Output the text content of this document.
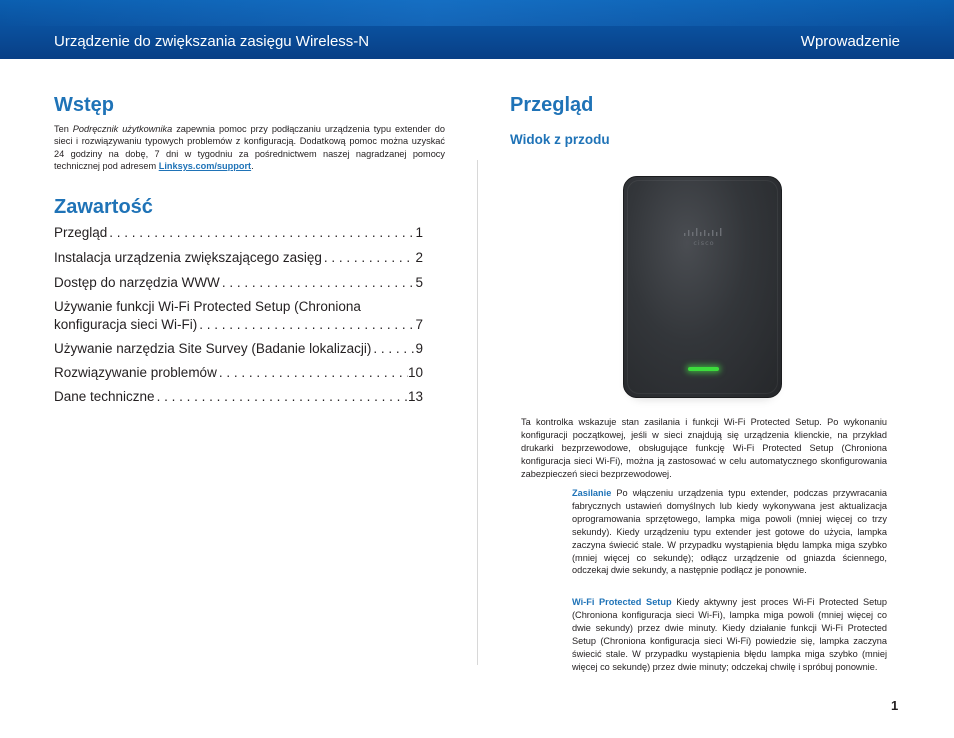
Urządzenie do zwiększania zasięgu Wireless-N	Wprowadzenie
Wstęp
Ten Podręcznik użytkownika zapewnia pomoc przy podłączaniu urządzenia typu extender do sieci i rozwiązywaniu typowych problemów z konfiguracją. Dodatkową pomoc można uzyskać 24 godziny na dobę, 7 dni w tygodniu za pośrednictwem naszej nagradzanej pomocy technicznej pod adresem Linksys.com/support.
Zawartość
Przegląd . . .	1
Instalacja urządzenia zwiększającego zasięg . . .	2
Dostęp do narzędzia WWW . . .	5
Używanie funkcji Wi-Fi Protected Setup (Chroniona
konfiguracja sieci Wi-Fi) . . .	7
Używanie narzędzia Site Survey (Badanie lokalizacji) . . .	9
Rozwiązywanie problemów . . .	10
Dane techniczne . . .	13
Przegląd
Widok z przodu
cisco
Ta kontrolka wskazuje stan zasilania i funkcji Wi-Fi Protected Setup. Po wykonaniu konfiguracji początkowej, jeśli w sieci znajdują się urządzenia klienckie, na przykład drukarki bezprzewodowe, obsługujące funkcję Wi-Fi Protected Setup (Chroniona konfiguracja sieci Wi-Fi), można ją zastosować w celu automatycznego skonfigurowania zabezpieczeń sieci bezprzewodowej.
Zasilanie Po włączeniu urządzenia typu extender, podczas przywracania fabrycznych ustawień domyślnych lub kiedy wykonywana jest aktualizacja oprogramowania sprzętowego, lampka miga powoli (mniej więcej co trzy sekundy). Kiedy urządzeniu typu extender jest gotowe do użycia, lampka zaczyna świecić stale. W przypadku wystąpienia błędu lampka miga szybko (mniej więcej co sekundę); odłącz urządzenie od gniazda ściennego, odczekaj dwie sekundy, a następnie podłącz je ponownie.
Wi-Fi Protected Setup Kiedy aktywny jest proces Wi-Fi Protected Setup (Chroniona konfiguracja sieci Wi-Fi), lampka miga powoli (mniej więcej co dwie sekundy) przez dwie minuty. Kiedy działanie funkcji Wi-Fi Protected Setup (Chroniona konfiguracja sieci Wi-Fi) powiedzie się, lampka zaczyna świecić stale. W przypadku wystąpienia błędu lampka miga szybko (mniej więcej co sekundę) przez dwie minuty; odczekaj chwilę i spróbuj ponownie.
1
